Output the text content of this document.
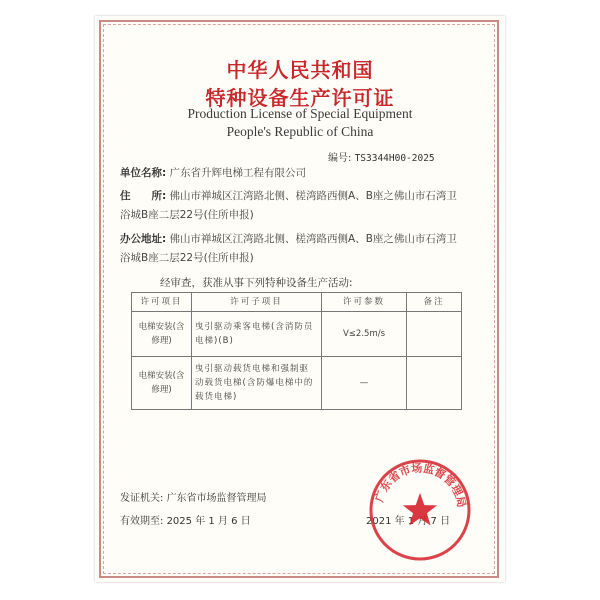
中华人民共和国
特种设备生产许可证

Production License of Special Equipment

People's Republic of China

编号: TS3344H00-2025
单位名称: 广东省升辉电梯工程有限公司
住　　所: 佛山市禅城区江湾路北侧、槎湾路西侧A、B座之佛山市石湾卫浴城B座二层22号(住所申报)
办公地址: 佛山市禅城区江湾路北侧、槎湾路西侧A、B座之佛山市石湾卫浴城B座二层22号(住所申报)
经审查，获准从事下列特种设备生产活动:
许可项目	许可子项目	许可参数	备注
电梯安装(含修理)	曳引驱动乘客电梯(含消防员电梯)(B)	V≤2.5m/s	
电梯安装(含修理)	曳引驱动载货电梯和强制驱动载货电梯(含防爆电梯中的载货电梯)	—	
发证机关: 广东省市场监督管理局
有效期至: 2025 年 1 月 6 日	2021 年 1 月 7 日
广东省市场监督管理局
